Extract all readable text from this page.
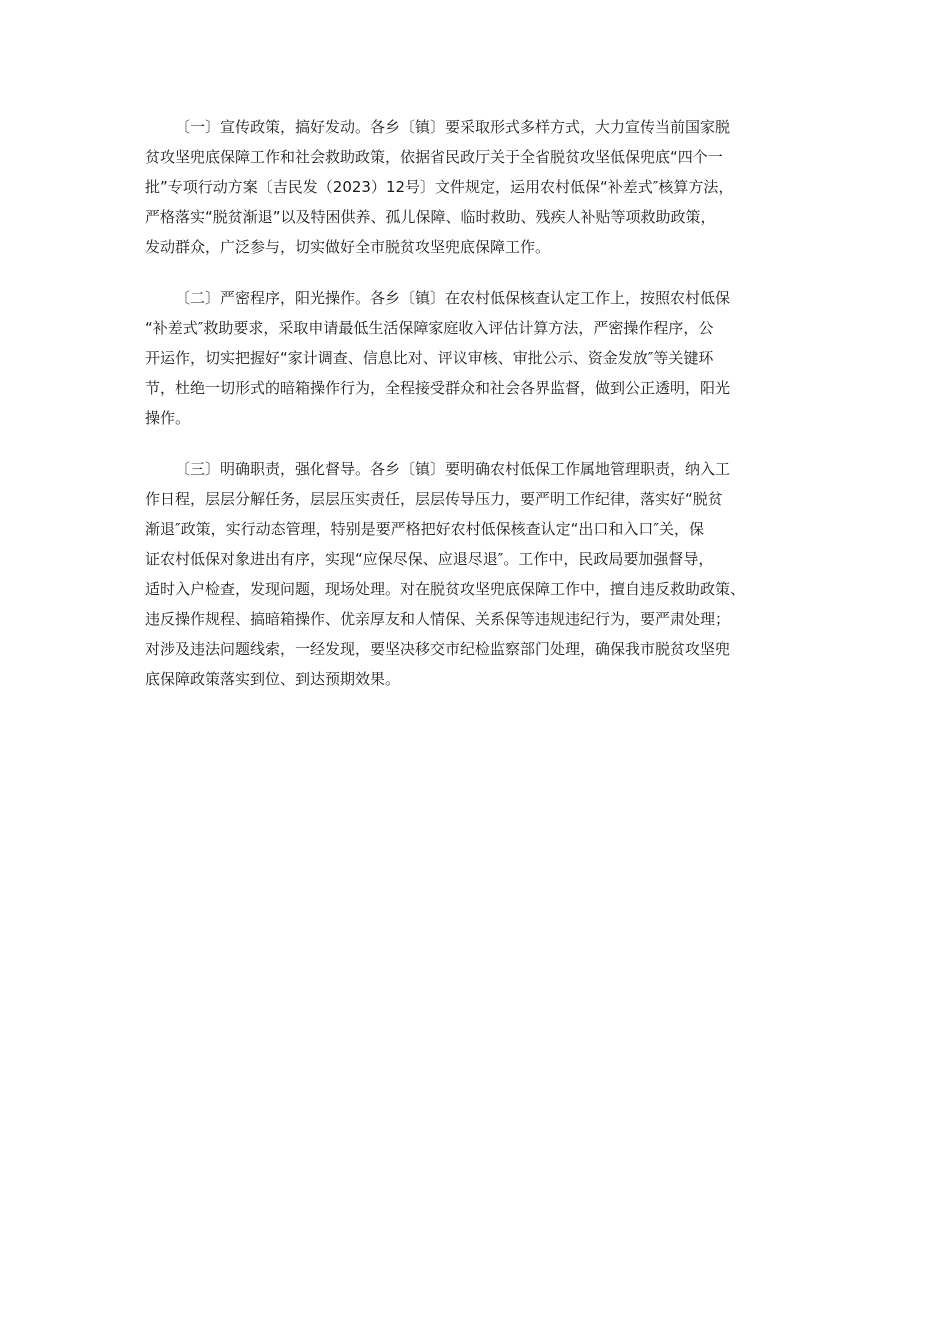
〔一〕宣传政策，搞好发动。各乡〔镇〕要采取形式多样方式，大力宣传当前国家脱
贫攻坚兜底保障工作和社会救助政策，依据省民政厅关于全省脱贫攻坚低保兜底“四个一
批”专项行动方案〔吉民发（2023）12号〕文件规定，运用农村低保“补差式″核算方法，
严格落实“脱贫渐退”以及特困供养、孤儿保障、临时救助、残疾人补贴等项救助政策，
发动群众，广泛参与，切实做好全市脱贫攻坚兜底保障工作。
〔二〕严密程序，阳光操作。各乡〔镇〕在农村低保核查认定工作上，按照农村低保
“补差式″救助要求，采取申请最低生活保障家庭收入评估计算方法，严密操作程序，公
开运作，切实把握好“家计调查、信息比对、评议审核、审批公示、资金发放″等关键环
节，杜绝一切形式的暗箱操作行为，全程接受群众和社会各界监督，做到公正透明，阳光
操作。
〔三〕明确职责，强化督导。各乡〔镇〕要明确农村低保工作属地管理职责，纳入工
作日程，层层分解任务，层层压实责任，层层传导压力，要严明工作纪律，落实好“脱贫
渐退″政策，实行动态管理，特别是要严格把好农村低保核查认定“出口和入口″关，保
证农村低保对象进出有序，实现“应保尽保、应退尽退″。工作中，民政局要加强督导，
适时入户检查，发现问题，现场处理。对在脱贫攻坚兜底保障工作中，擅自违反救助政策、
违反操作规程、搞暗箱操作、优亲厚友和人情保、关系保等违规违纪行为，要严肃处理；
对涉及违法问题线索，一经发现，要坚决移交市纪检监察部门处理，确保我市脱贫攻坚兜
底保障政策落实到位、到达预期效果。
